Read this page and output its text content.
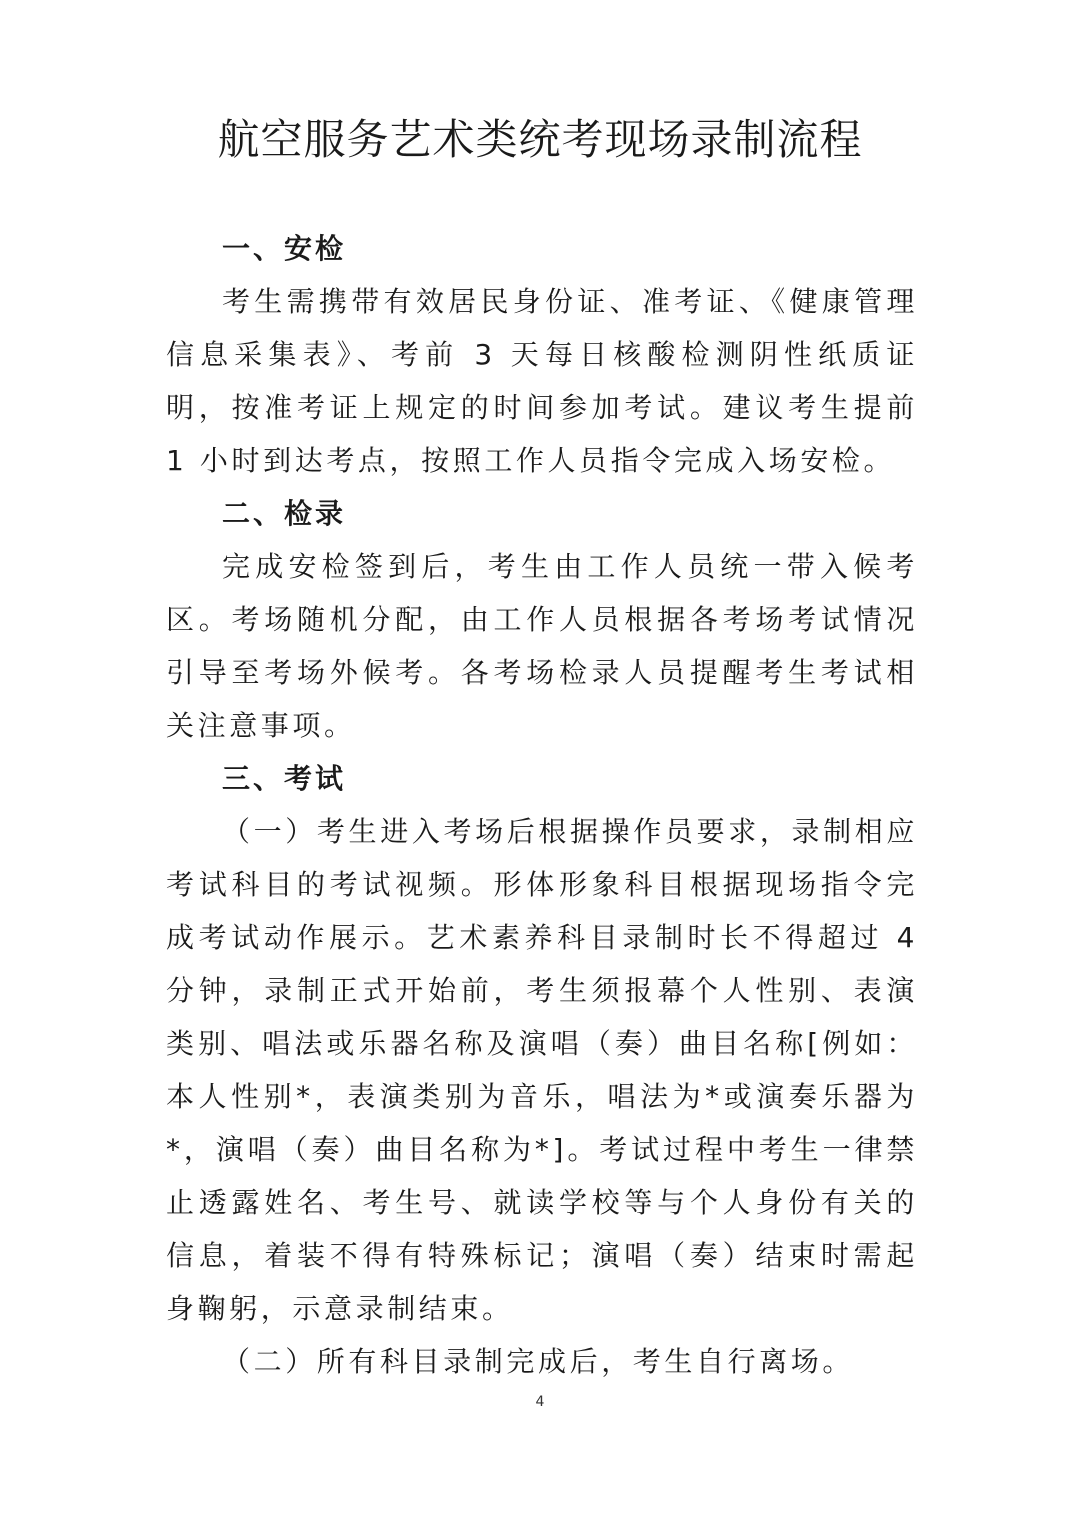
航空服务艺术类统考现场录制流程
一、安检

考生需携带有效居民身份证、准考证、《健康管理信息采集表》、考前 3 天每日核酸检测阴性纸质证明，按准考证上规定的时间参加考试。建议考生提前 1 小时到达考点，按照工作人员指令完成入场安检。

二、检录

完成安检签到后，考生由工作人员统一带入候考区。考场随机分配，由工作人员根据各考场考试情况引导至考场外候考。各考场检录人员提醒考生考试相关注意事项。

三、考试

（一）考生进入考场后根据操作员要求，录制相应考试科目的考试视频。形体形象科目根据现场指令完成考试动作展示。艺术素养科目录制时长不得超过 4 分钟，录制正式开始前，考生须报幕个人性别、表演类别、唱法或乐器名称及演唱（奏）曲目名称[例如：本人性别*，表演类别为音乐，唱法为*或演奏乐器为*，演唱（奏）曲目名称为*]。考试过程中考生一律禁止透露姓名、考生号、就读学校等与个人身份有关的信息，着装不得有特殊标记；演唱（奏）结束时需起身鞠躬，示意录制结束。

（二）所有科目录制完成后，考生自行离场。

4
